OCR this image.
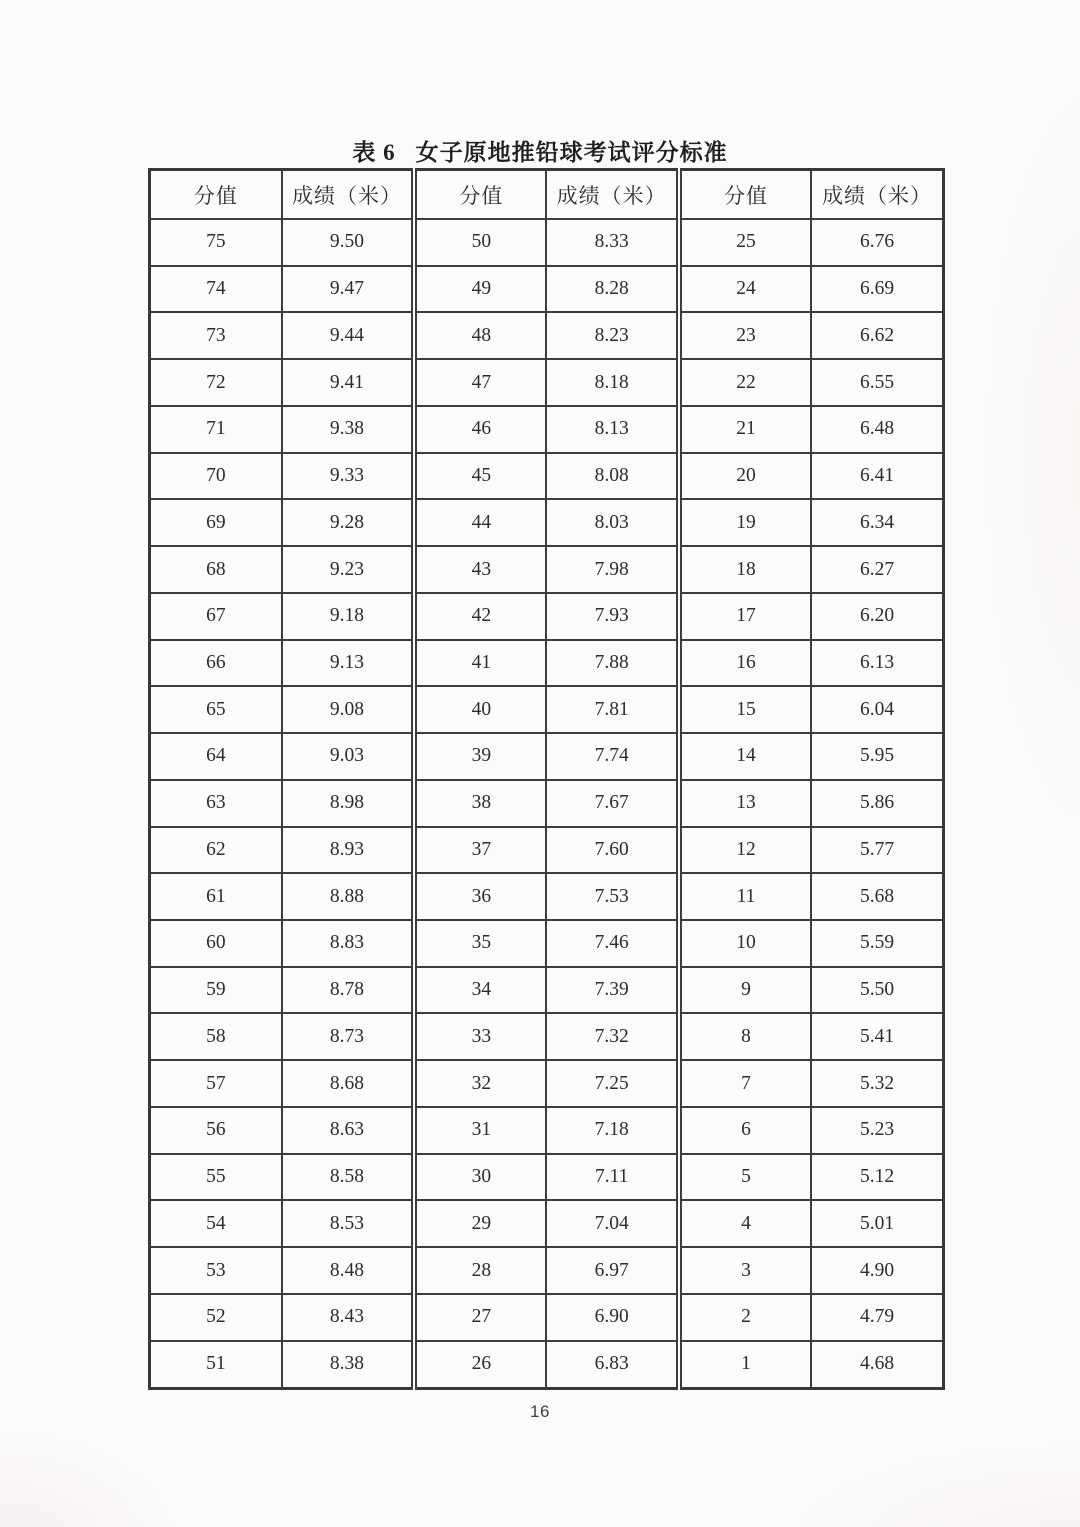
表 6 女子原地推铅球考试评分标准
分值	成绩（米）	分值	成绩（米）	分值	成绩（米）
75	9.50	50	8.33	25	6.76
74	9.47	49	8.28	24	6.69
73	9.44	48	8.23	23	6.62
72	9.41	47	8.18	22	6.55
71	9.38	46	8.13	21	6.48
70	9.33	45	8.08	20	6.41
69	9.28	44	8.03	19	6.34
68	9.23	43	7.98	18	6.27
67	9.18	42	7.93	17	6.20
66	9.13	41	7.88	16	6.13
65	9.08	40	7.81	15	6.04
64	9.03	39	7.74	14	5.95
63	8.98	38	7.67	13	5.86
62	8.93	37	7.60	12	5.77
61	8.88	36	7.53	11	5.68
60	8.83	35	7.46	10	5.59
59	8.78	34	7.39	9	5.50
58	8.73	33	7.32	8	5.41
57	8.68	32	7.25	7	5.32
56	8.63	31	7.18	6	5.23
55	8.58	30	7.11	5	5.12
54	8.53	29	7.04	4	5.01
53	8.48	28	6.97	3	4.90
52	8.43	27	6.90	2	4.79
51	8.38	26	6.83	1	4.68
16
